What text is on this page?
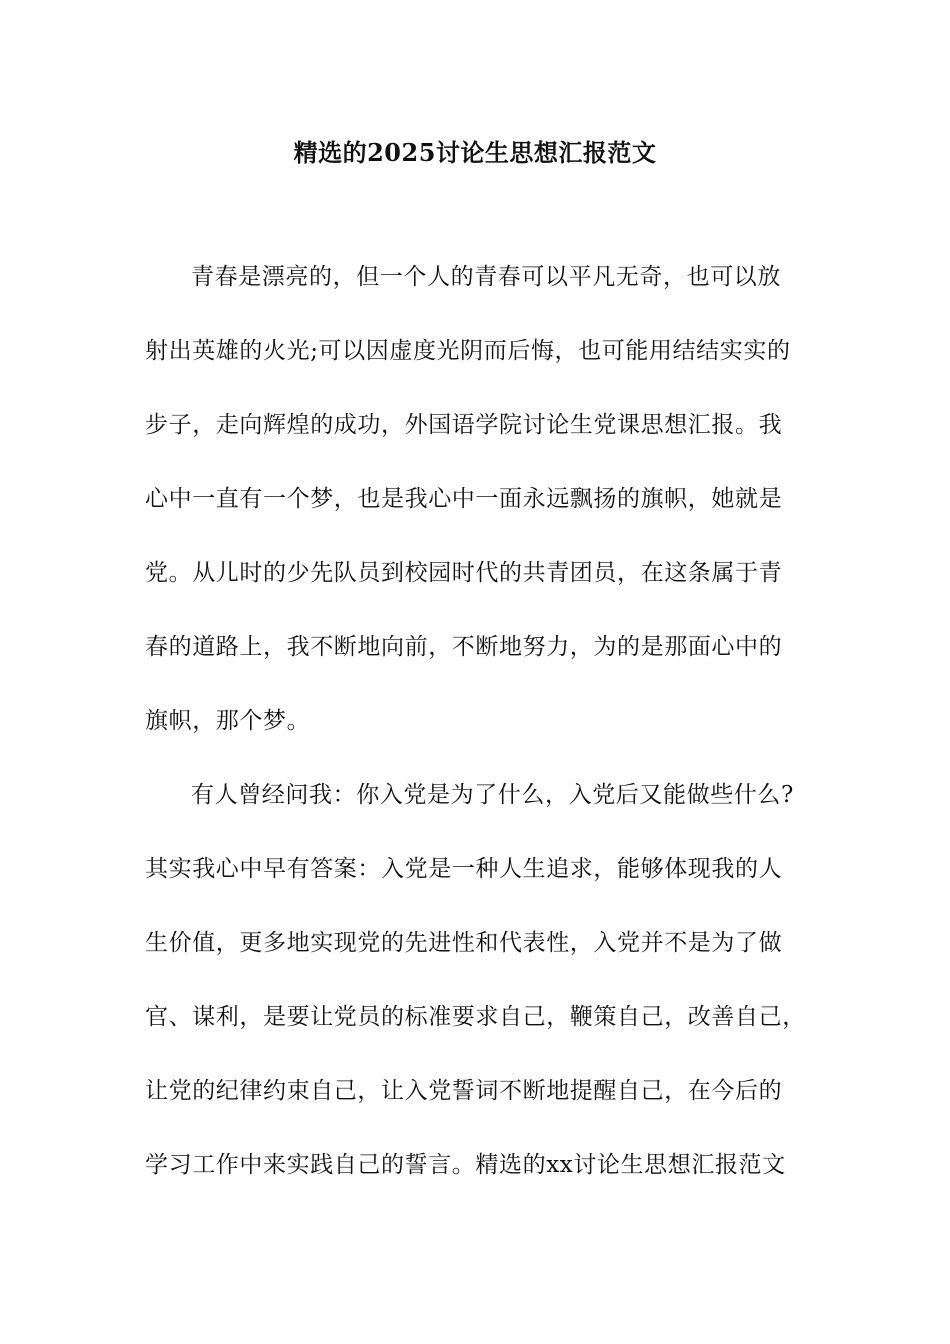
精选的2025讨论生思想汇报范文
青春是漂亮的，但一个人的青春可以平凡无奇，也可以放
射出英雄的火光;可以因虚度光阴而后悔，也可能用结结实实的
步子，走向辉煌的成功，外国语学院讨论生党课思想汇报。我
心中一直有一个梦，也是我心中一面永远飘扬的旗帜，她就是
党。从儿时的少先队员到校园时代的共青团员，在这条属于青
春的道路上，我不断地向前，不断地努力，为的是那面心中的
旗帜，那个梦。
有人曾经问我：你入党是为了什么，入党后又能做些什么?
其实我心中早有答案：入党是一种人生追求，能够体现我的人
生价值，更多地实现党的先进性和代表性，入党并不是为了做
官、谋利，是要让党员的标准要求自己，鞭策自己，改善自己，
让党的纪律约束自己，让入党誓词不断地提醒自己，在今后的
学习工作中来实践自己的誓言。精选的xx讨论生思想汇报范文
